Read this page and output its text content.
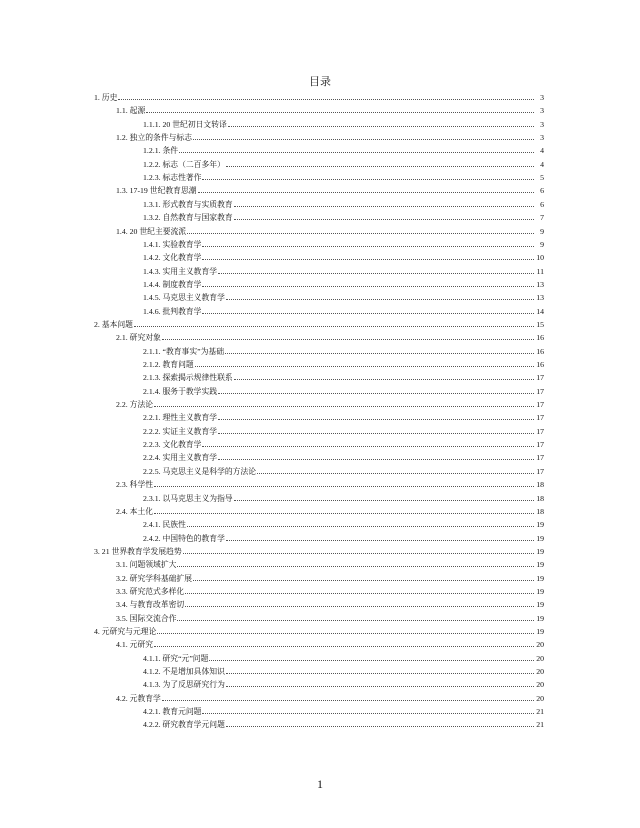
目录
1. 历史	3
1.1. 起源	3
1.1.1. 20 世纪初日文转译	3
1.2. 独立的条件与标志	3
1.2.1. 条件	4
1.2.2. 标志（二百多年）	4
1.2.3. 标志性著作	5
1.3. 17-19 世纪教育思潮	6
1.3.1. 形式教育与实质教育	6
1.3.2. 自然教育与国家教育	7
1.4. 20 世纪主要流派	9
1.4.1. 实验教育学	9
1.4.2. 文化教育学	10
1.4.3. 实用主义教育学	11
1.4.4. 制度教育学	13
1.4.5. 马克思主义教育学	13
1.4.6. 批判教育学	14
2. 基本问题	15
2.1. 研究对象	16
2.1.1. “教育事实”为基础	16
2.1.2. 教育问题	16
2.1.3. 探索揭示规律性联系	17
2.1.4. 服务于教学实践	17
2.2. 方法论	17
2.2.1. 理性主义教育学	17
2.2.2. 实证主义教育学	17
2.2.3. 文化教育学	17
2.2.4. 实用主义教育学	17
2.2.5. 马克思主义是科学的方法论	17
2.3. 科学性	18
2.3.1. 以马克思主义为指导	18
2.4. 本土化	18
2.4.1. 民族性	19
2.4.2. 中国特色的教育学	19
3. 21 世界教育学发展趋势	19
3.1. 问题领域扩大	19
3.2. 研究学科基础扩展	19
3.3. 研究范式多样化	19
3.4. 与教育改革密切	19
3.5. 国际交流合作	19
4. 元研究与元理论	19
4.1. 元研究	20
4.1.1. 研究“元”问题	20
4.1.2. 不是增加具体知识	20
4.1.3. 为了反思研究行为	20
4.2. 元教育学	20
4.2.1. 教育元问题	21
4.2.2. 研究教育学元问题	21
1
